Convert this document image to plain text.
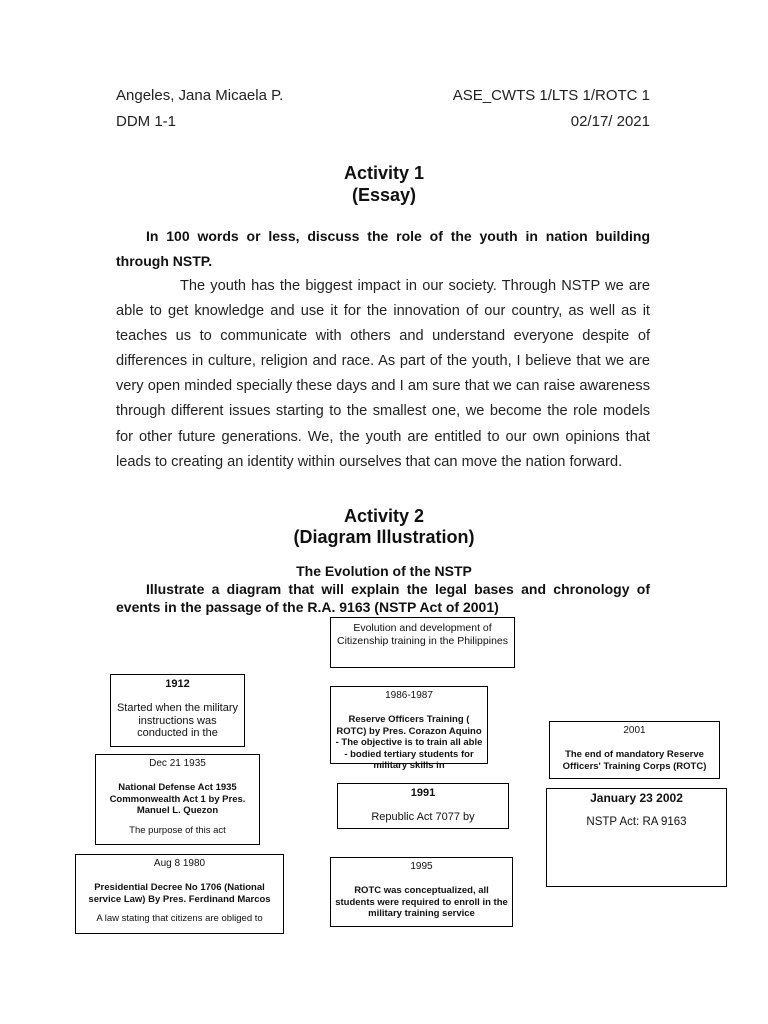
Angeles, Jana Micaela P.	ASE_CWTS 1/LTS 1/ROTC 1
DDM 1-1	02/17/ 2021
Activity 1
(Essay)
In 100 words or less, discuss the role of the youth in nation building through NSTP.
The youth has the biggest impact in our society. Through NSTP we are able to get knowledge and use it for the innovation of our country, as well as it teaches us to communicate with others and understand everyone despite of differences in culture, religion and race. As part of the youth, I believe that we are very open minded specially these days and I am sure that we can raise awareness through different issues starting to the smallest one, we become the role models for other future generations. We, the youth are entitled to our own opinions that leads to creating an identity within ourselves that can move the nation forward.
Activity 2
(Diagram Illustration)
The Evolution of the NSTP
Illustrate a diagram that will explain the legal bases and chronology of events in the passage of the R.A. 9163 (NSTP Act of 2001)
Evolution and development of Citizenship training in the Philippines
1912
Started when the military instructions was conducted in the
Dec 21 1935
National Defense Act 1935 Commonwealth Act 1 by Pres. Manuel L. Quezon
The purpose of this act
Aug 8 1980
Presidential Decree No 1706 (National service Law) By Pres. Ferdinand Marcos
A law stating that citizens are obliged to
1986-1987
Reserve Officers Training ( ROTC) by Pres. Corazon Aquino - The objective is to train all able - bodied tertiary students for military skills in
1991
Republic Act 7077 by
1995
ROTC was conceptualized, all students were required to enroll in the military training service
2001
The end of mandatory Reserve Officers' Training Corps (ROTC)
January 23 2002
NSTP Act: RA 9163
